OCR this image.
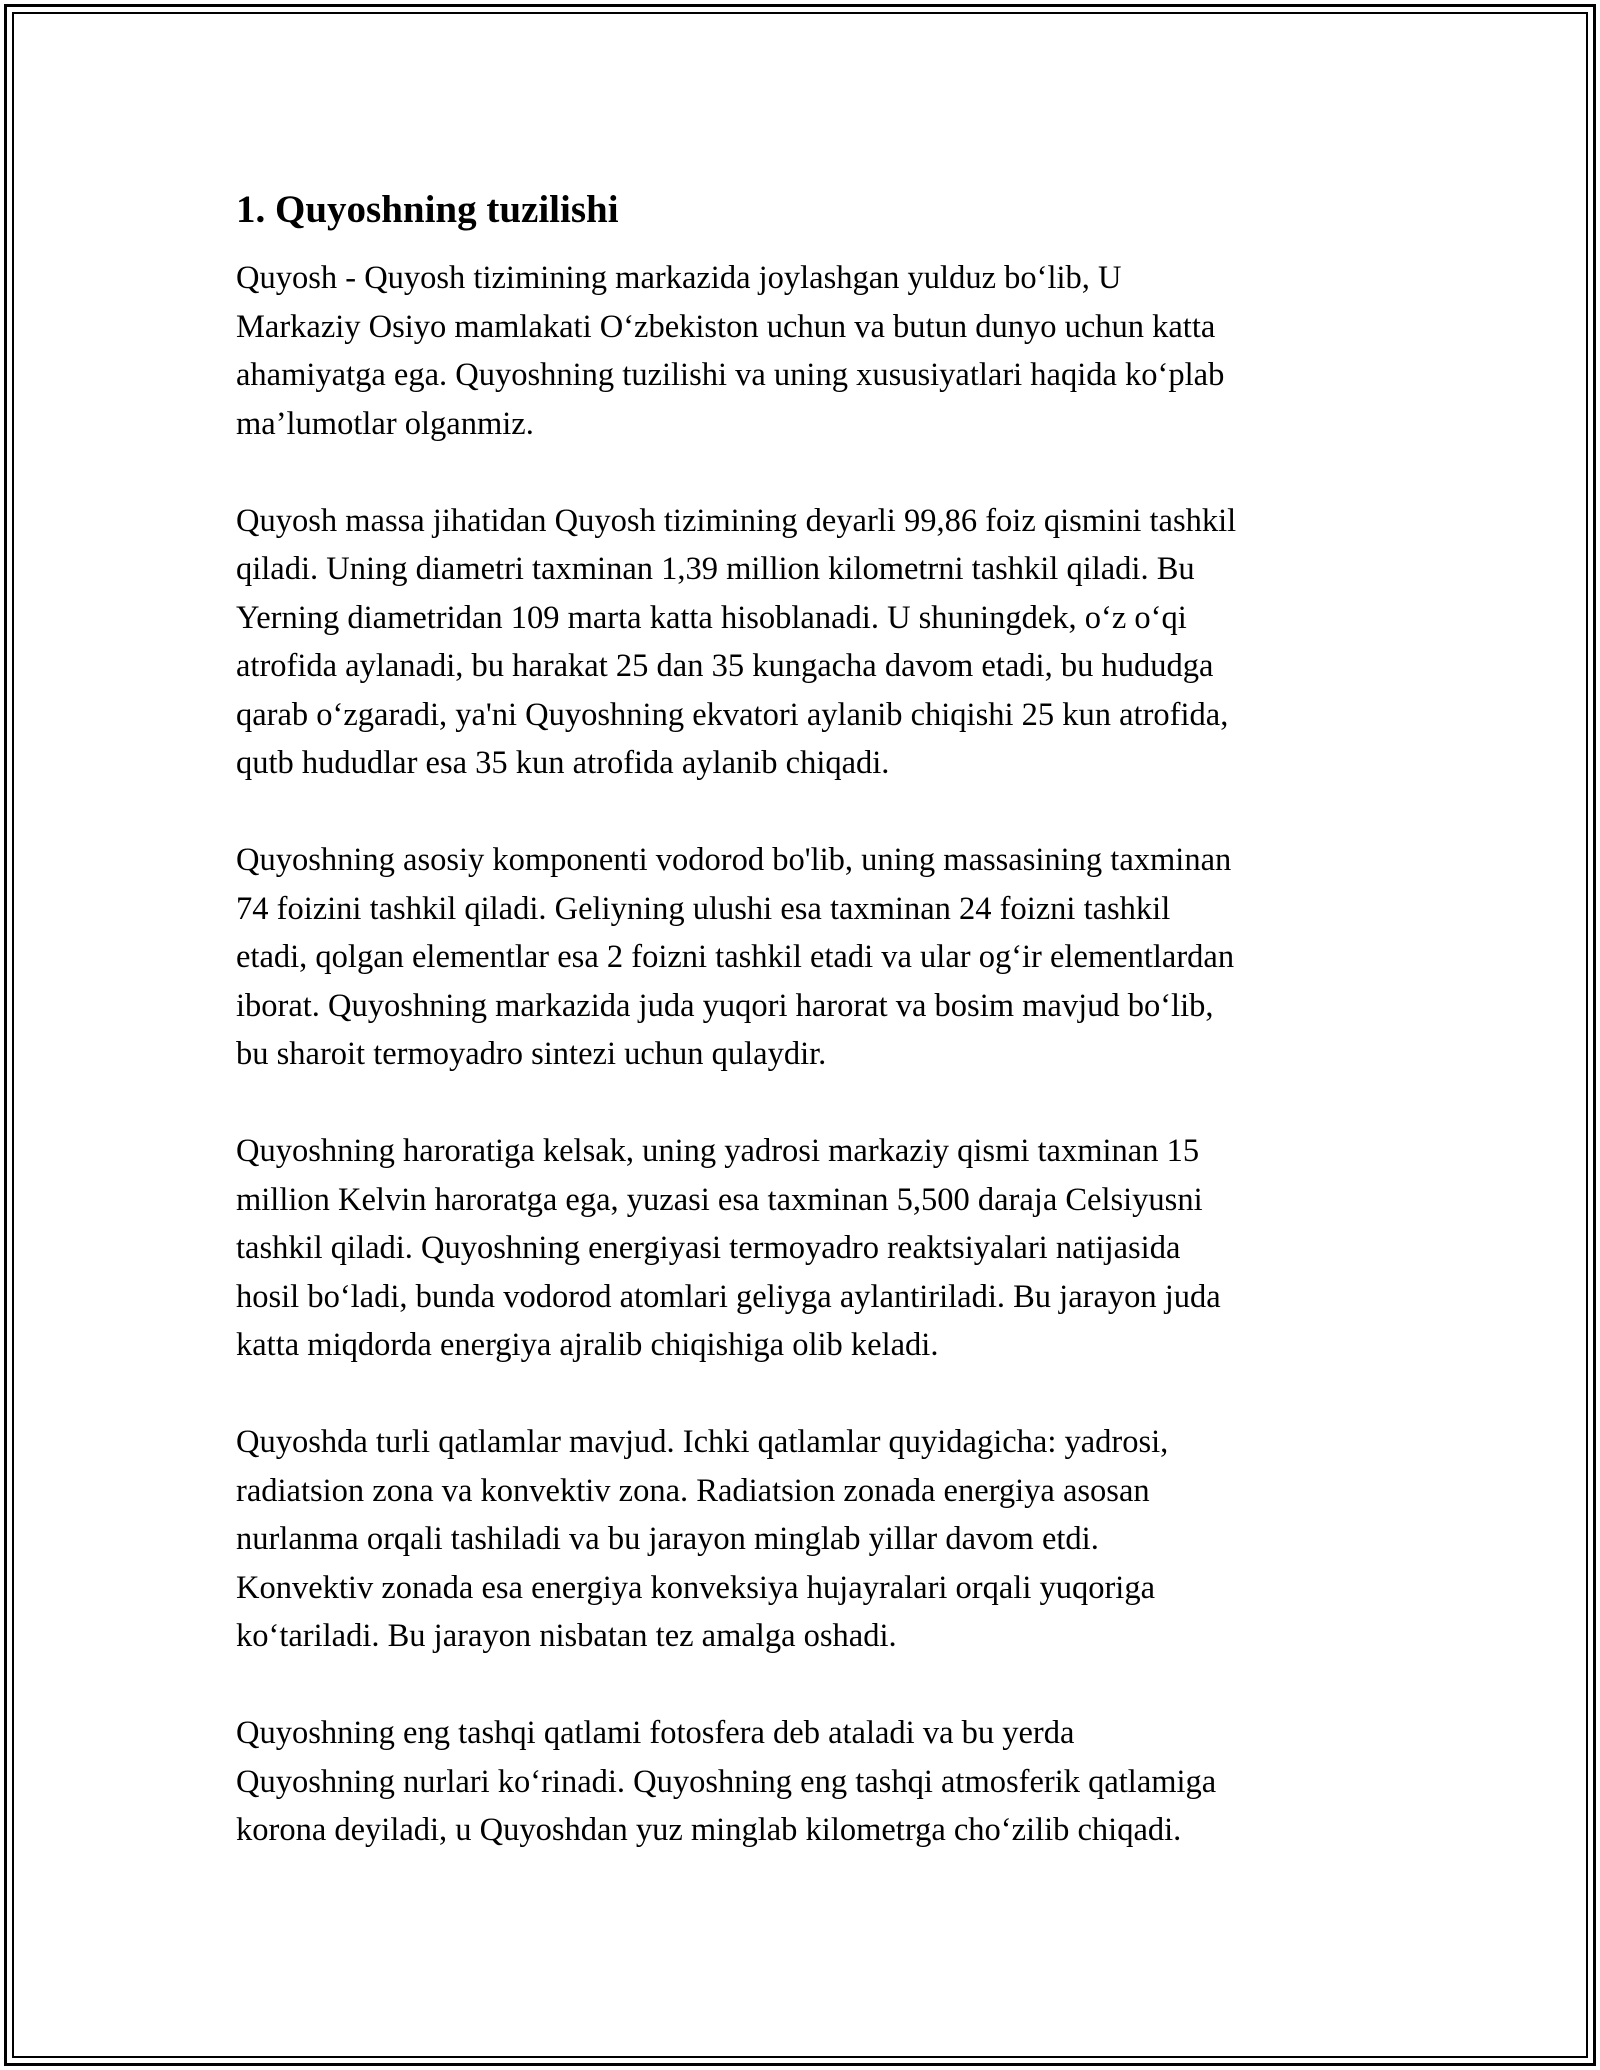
1. Quyoshning tuzilishi

Quyosh - Quyosh tizimining markazida joylashgan yulduz bo‘lib, U
Markaziy Osiyo mamlakati O‘zbekiston uchun va butun dunyo uchun katta
ahamiyatga ega. Quyoshning tuzilishi va uning xususiyatlari haqida ko‘plab
ma’lumotlar olganmiz.

Quyosh massa jihatidan Quyosh tizimining deyarli 99,86 foiz qismini tashkil
qiladi. Uning diametri taxminan 1,39 million kilometrni tashkil qiladi. Bu
Yerning diametridan 109 marta katta hisoblanadi. U shuningdek, o‘z o‘qi
atrofida aylanadi, bu harakat 25 dan 35 kungacha davom etadi, bu hududga
qarab o‘zgaradi, ya'ni Quyoshning ekvatori aylanib chiqishi 25 kun atrofida,
qutb hududlar esa 35 kun atrofida aylanib chiqadi.

Quyoshning asosiy komponenti vodorod bo'lib, uning massasining taxminan
74 foizini tashkil qiladi. Geliyning ulushi esa taxminan 24 foizni tashkil
etadi, qolgan elementlar esa 2 foizni tashkil etadi va ular og‘ir elementlardan
iborat. Quyoshning markazida juda yuqori harorat va bosim mavjud bo‘lib,
bu sharoit termoyadro sintezi uchun qulaydir.

Quyoshning haroratiga kelsak, uning yadrosi markaziy qismi taxminan 15
million Kelvin haroratga ega, yuzasi esa taxminan 5,500 daraja Celsiyusni
tashkil qiladi. Quyoshning energiyasi termoyadro reaktsiyalari natijasida
hosil bo‘ladi, bunda vodorod atomlari geliyga aylantiriladi. Bu jarayon juda
katta miqdorda energiya ajralib chiqishiga olib keladi.

Quyoshda turli qatlamlar mavjud. Ichki qatlamlar quyidagicha: yadrosi,
radiatsion zona va konvektiv zona. Radiatsion zonada energiya asosan
nurlanma orqali tashiladi va bu jarayon minglab yillar davom etdi.
Konvektiv zonada esa energiya konveksiya hujayralari orqali yuqoriga
ko‘tariladi. Bu jarayon nisbatan tez amalga oshadi.

Quyoshning eng tashqi qatlami fotosfera deb ataladi va bu yerda
Quyoshning nurlari ko‘rinadi. Quyoshning eng tashqi atmosferik qatlamiga
korona deyiladi, u Quyoshdan yuz minglab kilometrga cho‘zilib chiqadi.
